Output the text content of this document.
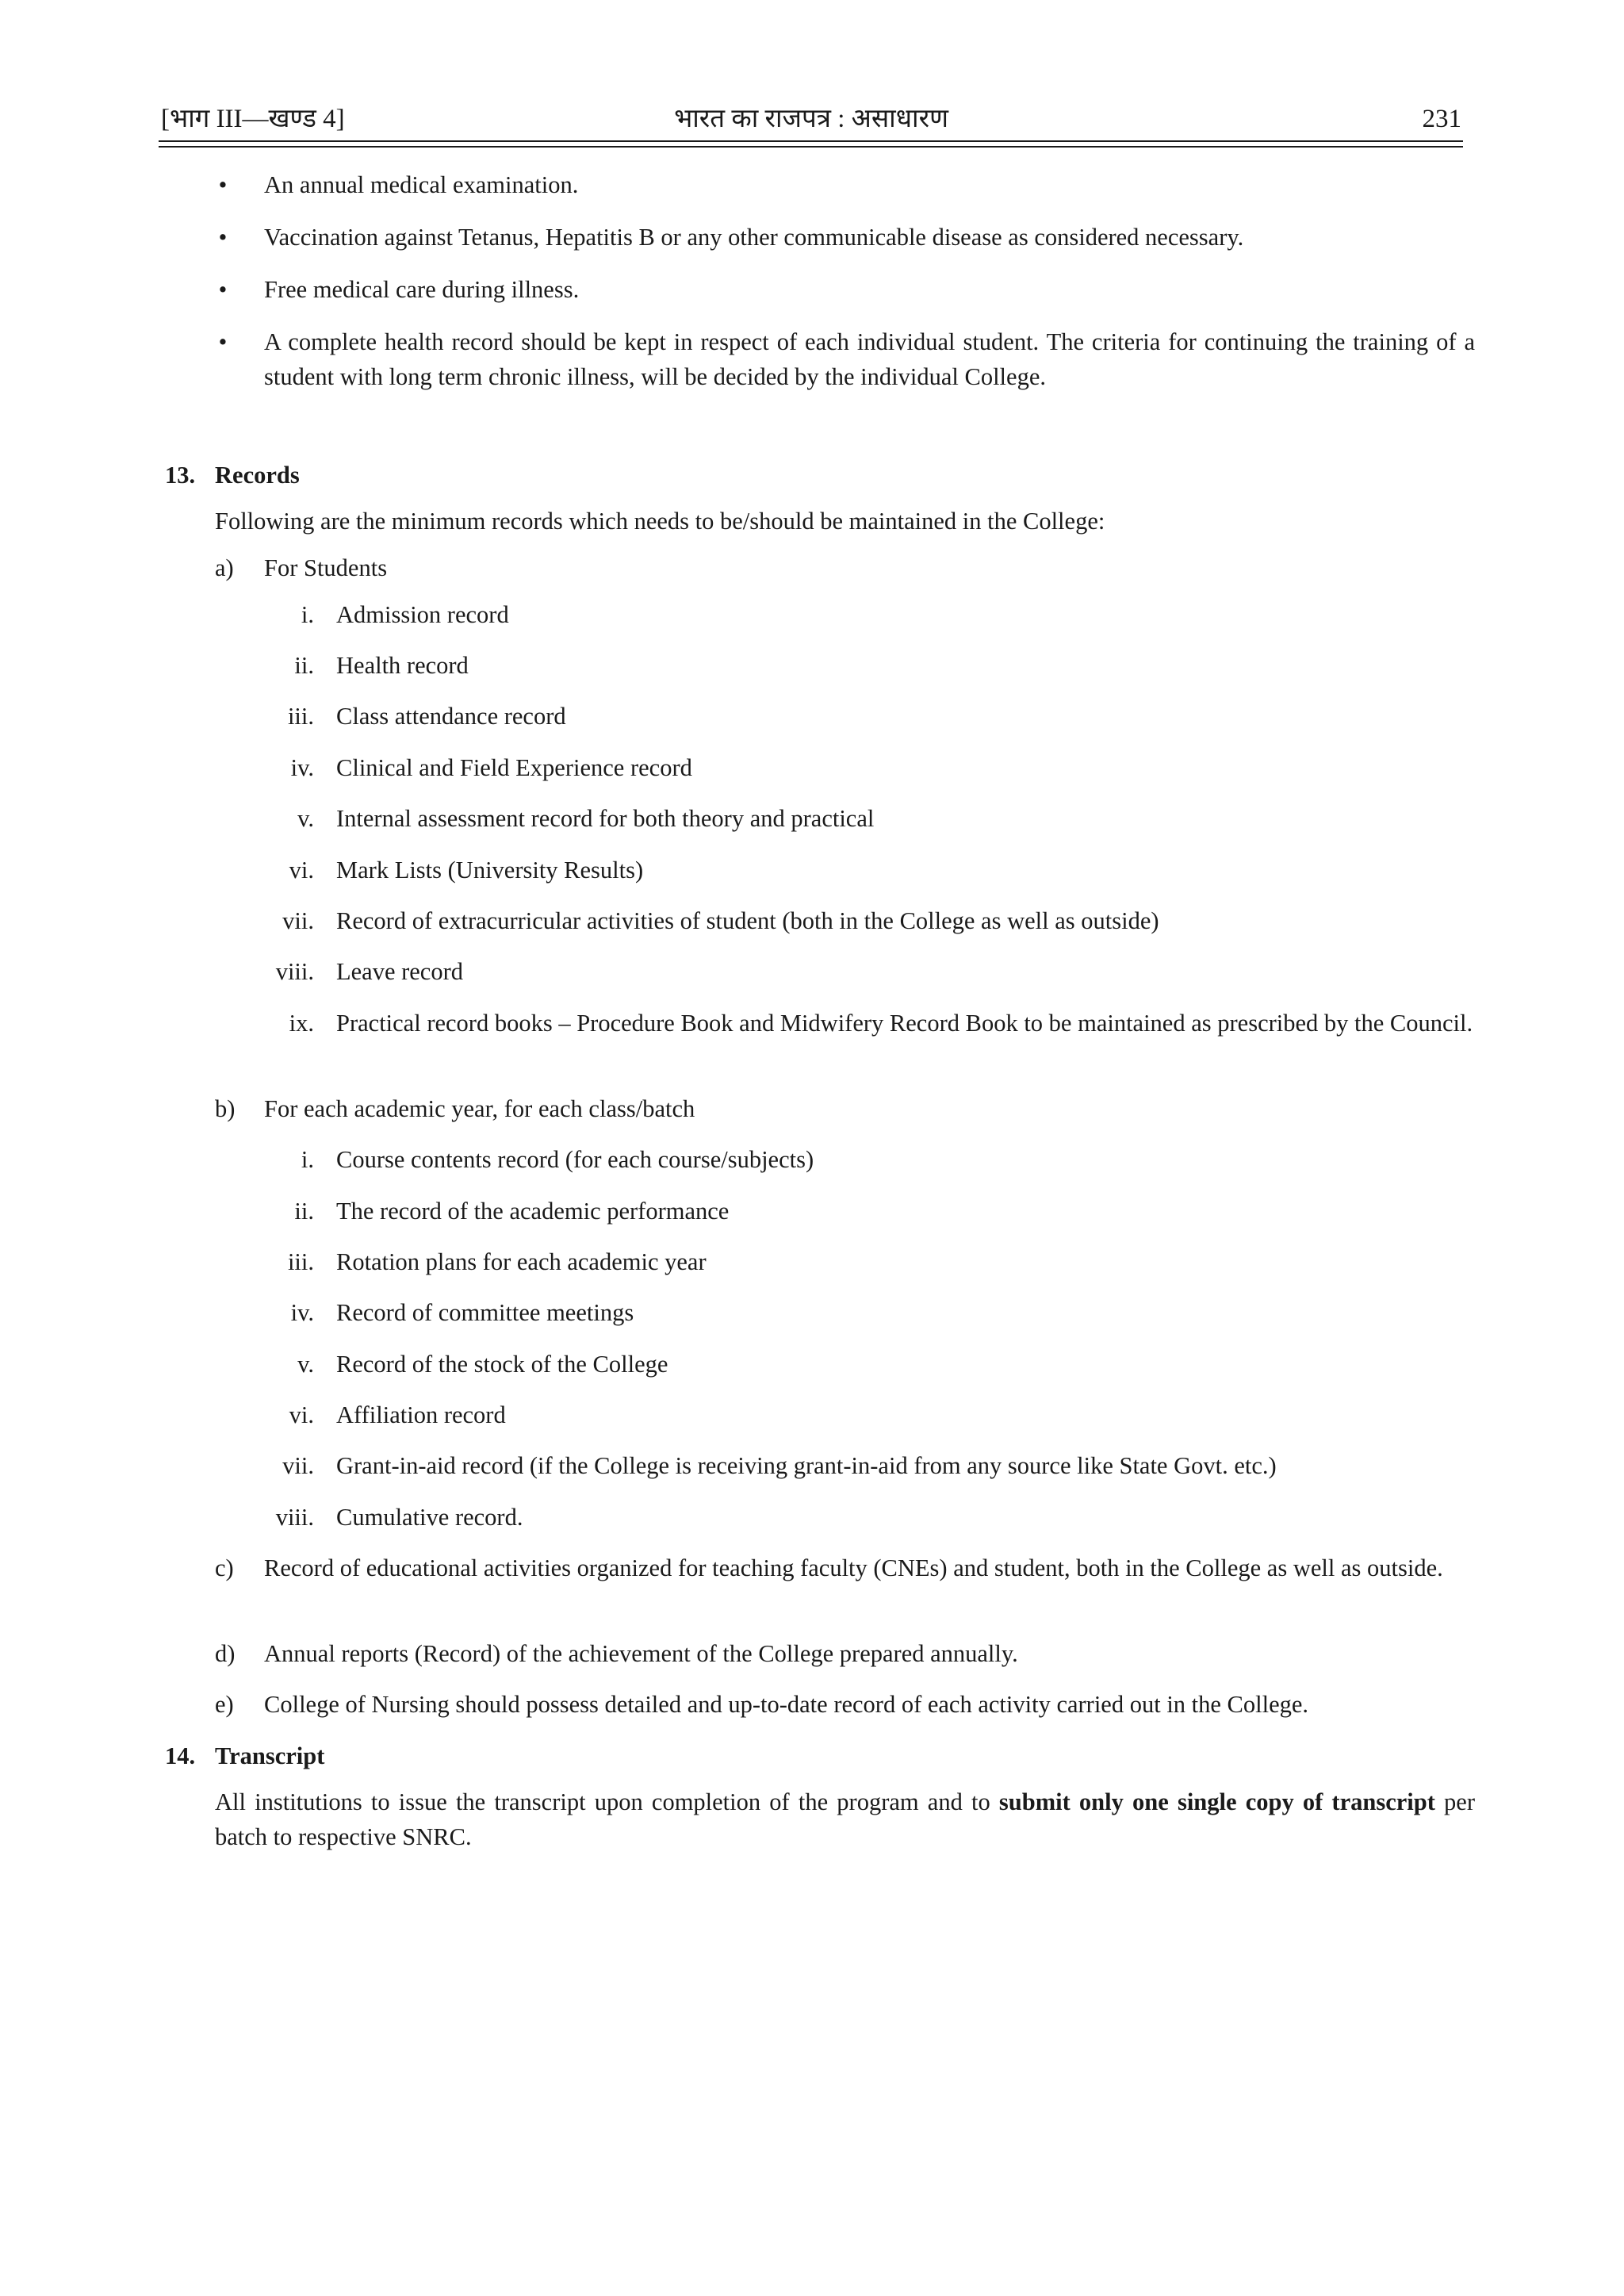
[भाग III—खण्ड 4]	भारत का राजपत्र : असाधारण	231
• An annual medical examination.
• Vaccination against Tetanus, Hepatitis B or any other communicable disease as considered necessary.
• Free medical care during illness.
• A complete health record should be kept in respect of each individual student. The criteria for continuing the training of a student with long term chronic illness, will be decided by the individual College.
13. Records
Following are the minimum records which needs to be/should be maintained in the College:
a) For Students
i. Admission record
ii. Health record
iii. Class attendance record
iv. Clinical and Field Experience record
v. Internal assessment record for both theory and practical
vi. Mark Lists (University Results)
vii. Record of extracurricular activities of student (both in the College as well as outside)
viii. Leave record
ix. Practical record books – Procedure Book and Midwifery Record Book to be maintained as prescribed by the Council.
b) For each academic year, for each class/batch
i. Course contents record (for each course/subjects)
ii. The record of the academic performance
iii. Rotation plans for each academic year
iv. Record of committee meetings
v. Record of the stock of the College
vi. Affiliation record
vii. Grant-in-aid record (if the College is receiving grant-in-aid from any source like State Govt. etc.)
viii. Cumulative record.
c) Record of educational activities organized for teaching faculty (CNEs) and student, both in the College as well as outside.
d) Annual reports (Record) of the achievement of the College prepared annually.
e) College of Nursing should possess detailed and up-to-date record of each activity carried out in the College.
14. Transcript
All institutions to issue the transcript upon completion of the program and to submit only one single copy of transcript per batch to respective SNRC.
